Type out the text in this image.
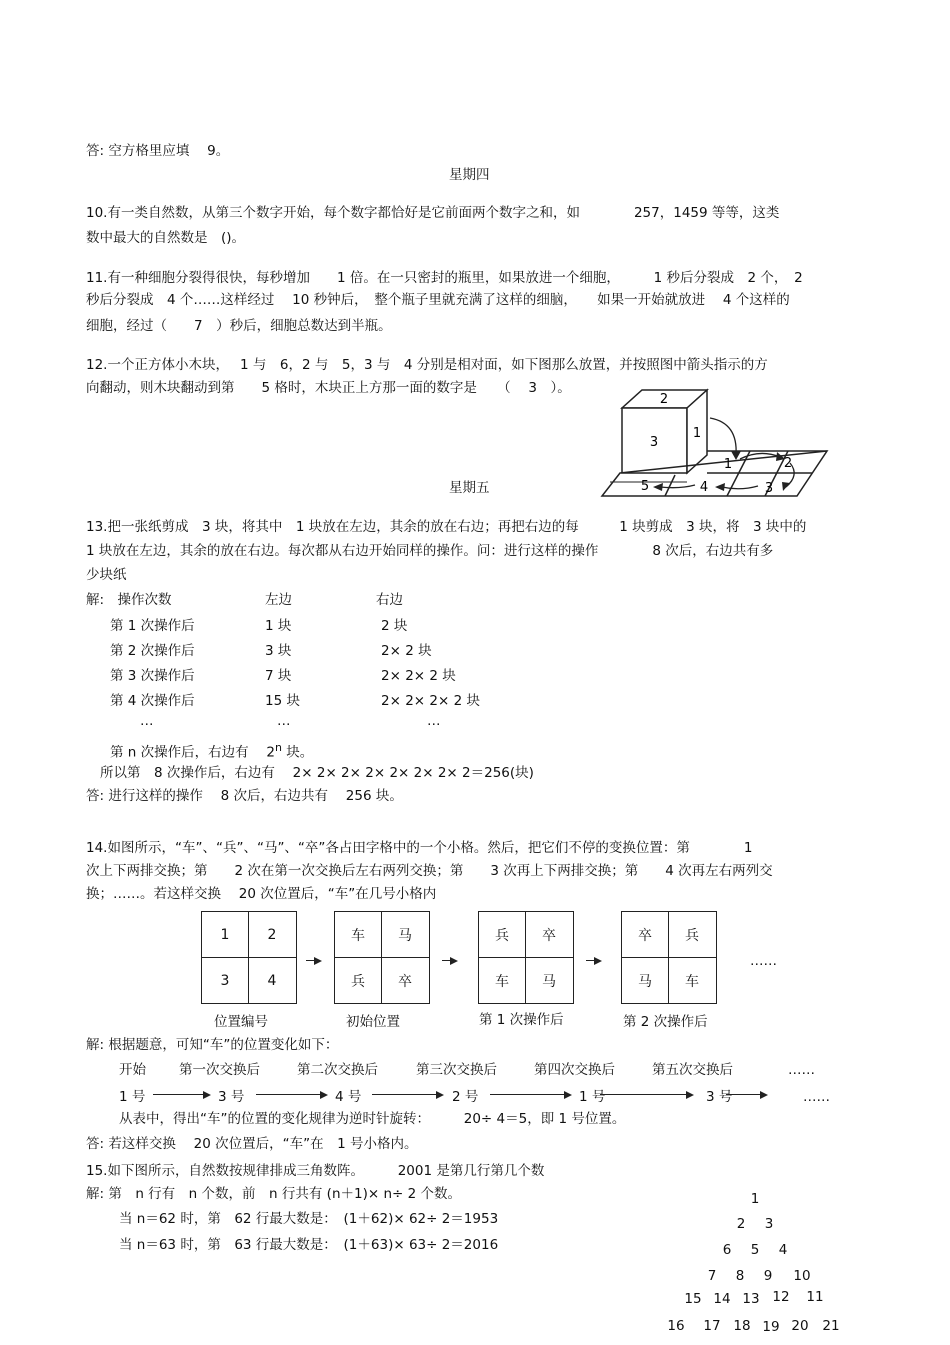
答: 空方格里应填　 9。
星期四
10.有一类自然数，从第三个数字开始，每个数字都恰好是它前面两个数字之和，如　　　　257，1459 等等，这类
数中最大的自然数是　()。
11.有一种细胞分裂得很快，每秒增加　　1 倍。在一只密封的瓶里，如果放进一个细胞，　　　1 秒后分裂成　2 个，　2
秒后分裂成　4 个……这样经过　 10 秒钟后，　整个瓶子里就充满了这样的细脑，　　如果一开始就放进　 4 个这样的
细胞，经过（　　7　）秒后，细胞总数达到半瓶。
12.一个正方体小木块，　 1 与　6，2 与　5，3 与　4 分别是相对面，如下图那么放置，并按照图中箭头指示的方
向翻动，则木块翻动到第　　5 格时，木块正上方那一面的数字是　　（　 3　）。
2
3
1
1	2
3
4
5
星期五
13.把一张纸剪成　3 块，将其中　1 块放在左边，其余的放在右边；再把右边的每　　　1 块剪成　3 块，将　3 块中的
1 块放在左边，其余的放在右边。每次都从右边开始同样的操作。问：进行这样的操作　　　　8 次后，右边共有多
少块纸
解:　操作次数	左边	右边
第 1 次操作后	1 块	2 块
第 2 次操作后	3 块	2× 2 块
第 3 次操作后	7 块	2× 2× 2 块
第 4 次操作后	15 块	2× 2× 2× 2 块
…	…	…
第 n 次操作后，右边有　 2$^n$ 块。
所以第　8 次操作后，右边有　 2× 2× 2× 2× 2× 2× 2× 2＝256(块)
答: 进行这样的操作　 8 次后，右边共有　 256 块。
14.如图所示，“车”、“兵”、“马”、“卒”各占田字格中的一个小格。然后，把它们不停的变换位置：第　　　　1
次上下两排交换；第　　2 次在第一次交换后左右两列交换；第　　3 次再上下两排交换；第　　4 次再左右两列交
换；……。若这样交换　 20 次位置后，“车”在几号小格内
1	2
3	4
位置编号
车	马
兵	卒
初始位置
兵	卒
车	马
第 1 次操作后
卒	兵
马	车
第 2 次操作后
……
解: 根据题意，可知“车”的位置变化如下：
开始 第一次交换后	第二次交换后	第三次交换后	第四次交换后	第五次交换后	……
1 号	3 号	4 号	2 号	1 号	3 号	……
从表中，得出“车”的位置的变化规律为逆时针旋转：　　　20÷ 4＝5，即 1 号位置。
答: 若这样交换　 20 次位置后，“车”在　1 号小格内。
15.如下图所示，自然数按规律排成三角数阵。　　　2001 是第几行第几个数
解: 第　n 行有　n 个数，前　n 行共有 (n＋1)× n÷ 2 个数。
当 n＝62 时，第　62 行最大数是：　(1＋62)× 62÷ 2＝1953
当 n＝63 时，第　63 行最大数是：　(1＋63)× 63÷ 2＝2016
1
2	3
6	5	4
7	8	9	10
15 14 13 12	11
16	17 18 19 20	21
